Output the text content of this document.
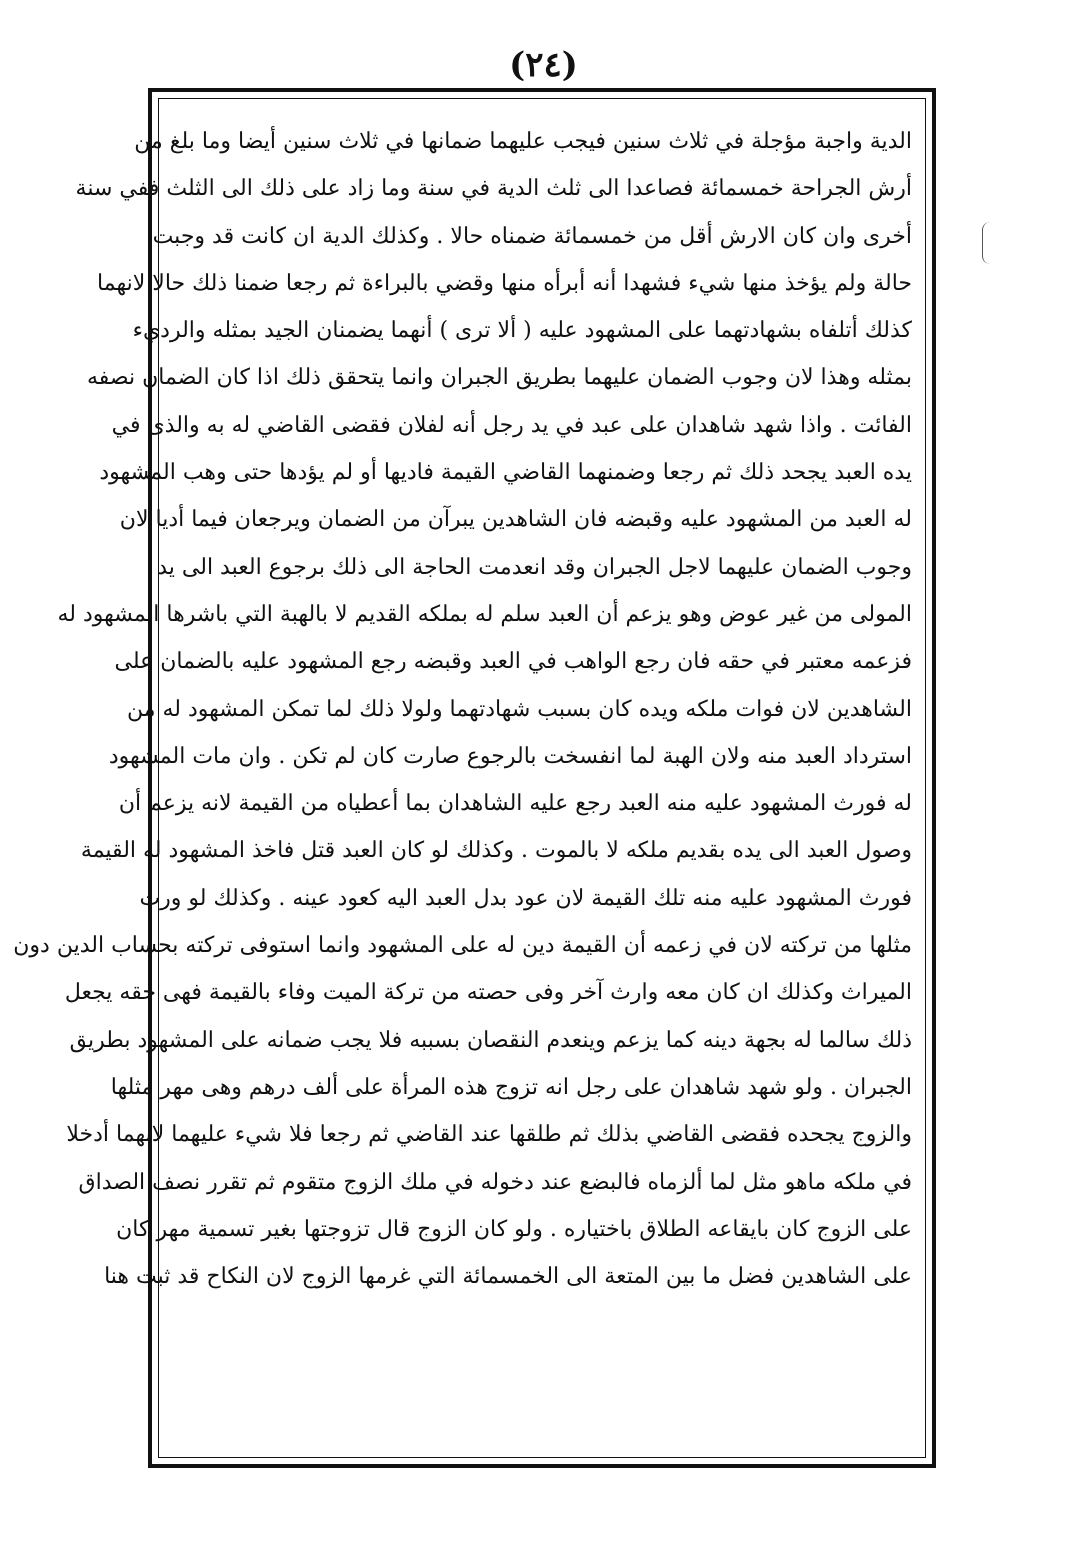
(٢٤)
الدية واجبة مؤجلة في ثلاث سنين فيجب عليهما ضمانها في ثلاث سنين أيضا وما بلغ من
أرش الجراحة خمسمائة فصاعدا الى ثلث الدية في سنة وما زاد على ذلك الى الثلث ففي سنة
أخرى وان كان الارش أقل من خمسمائة ضمناه حالا . وكذلك الدية ان كانت قد وجبت
حالة ولم يؤخذ منها شيء فشهدا أنه أبرأه منها وقضي بالبراءة ثم رجعا ضمنا ذلك حالا لانهما
كذلك أتلفاه بشهادتهما على المشهود عليه ( ألا ترى ) أنهما يضمنان الجيد بمثله والرديء
بمثله وهذا لان وجوب الضمان عليهما بطريق الجبران وانما يتحقق ذلك اذا كان الضمان نصفه
الفائت . واذا شهد شاهدان على عبد في يد رجل أنه لفلان فقضى القاضي له به والذى في
يده العبد يجحد ذلك ثم رجعا وضمنهما القاضي القيمة فاديها أو لم يؤدها حتى وهب المشهود
له العبد من المشهود عليه وقبضه فان الشاهدين يبرآن من الضمان ويرجعان فيما أديا لان
وجوب الضمان عليهما لاجل الجبران وقد انعدمت الحاجة الى ذلك برجوع العبد الى يد
المولى من غير عوض وهو يزعم أن العبد سلم له بملكه القديم لا بالهبة التي باشرها المشهود له
فزعمه معتبر في حقه فان رجع الواهب في العبد وقبضه رجع المشهود عليه بالضمان على
الشاهدين لان فوات ملكه ويده كان بسبب شهادتهما ولولا ذلك لما تمكن المشهود له من
استرداد العبد منه ولان الهبة لما انفسخت بالرجوع صارت كان لم تكن . وان مات المشهود
له فورث المشهود عليه منه العبد رجع عليه الشاهدان بما أعطياه من القيمة لانه يزعم أن
وصول العبد الى يده بقديم ملكه لا بالموت . وكذلك لو كان العبد قتل فاخذ المشهود له القيمة
فورث المشهود عليه منه تلك القيمة لان عود بدل العبد اليه كعود عينه . وكذلك لو ورث
مثلها من تركته لان في زعمه أن القيمة دين له على المشهود وانما استوفى تركته بحساب الدين دون
الميراث وكذلك ان كان معه وارث آخر وفى حصته من تركة الميت وفاء بالقيمة فهى حقه يجعل
ذلك سالما له بجهة دينه كما يزعم وينعدم النقصان بسببه فلا يجب ضمانه على المشهود بطريق
الجبران . ولو شهد شاهدان على رجل انه تزوج هذه المرأة على ألف درهم وهى مهر مثلها
والزوج يجحده فقضى القاضي بذلك ثم طلقها عند القاضي ثم رجعا فلا شيء عليهما لانهما أدخلا
في ملكه ماهو مثل لما ألزماه فالبضع عند دخوله في ملك الزوج متقوم ثم تقرر نصف الصداق
على الزوج كان بايقاعه الطلاق باختياره . ولو كان الزوج قال تزوجتها بغير تسمية مهر كان
على الشاهدين فضل ما بين المتعة الى الخمسمائة التي غرمها الزوج لان النكاح قد ثبت هنا
